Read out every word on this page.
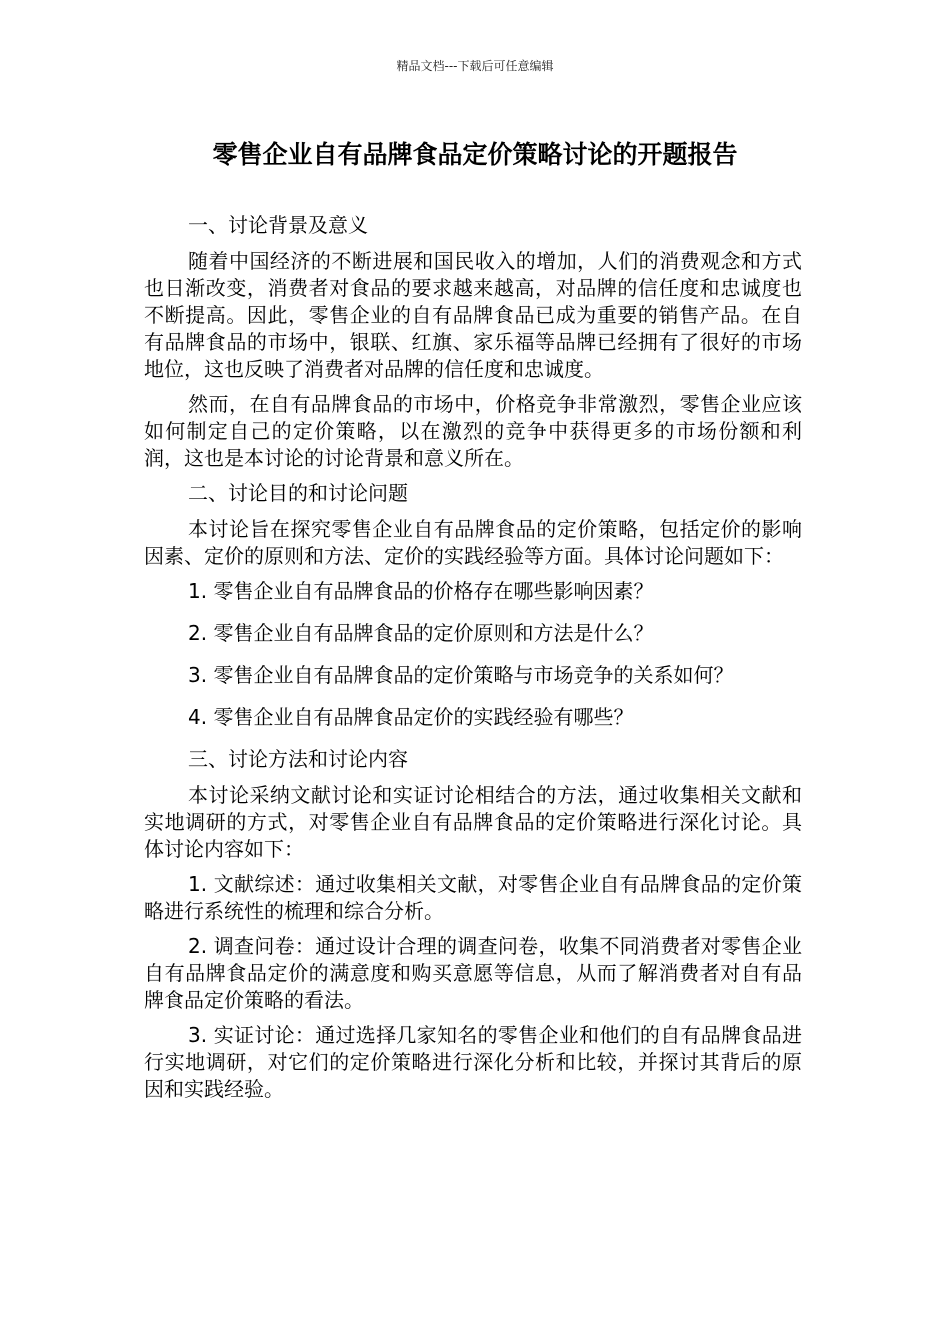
精品文档---下载后可任意编辑
零售企业自有品牌食品定价策略讨论的开题报告
一、讨论背景及意义
随着中国经济的不断进展和国民收入的增加，人们的消费观念和方式也日渐改变，消费者对食品的要求越来越高，对品牌的信任度和忠诚度也不断提高。因此，零售企业的自有品牌食品已成为重要的销售产品。在自有品牌食品的市场中，银联、红旗、家乐福等品牌已经拥有了很好的市场地位，这也反映了消费者对品牌的信任度和忠诚度。
然而，在自有品牌食品的市场中，价格竞争非常激烈，零售企业应该如何制定自己的定价策略，以在激烈的竞争中获得更多的市场份额和利润，这也是本讨论的讨论背景和意义所在。
二、讨论目的和讨论问题
本讨论旨在探究零售企业自有品牌食品的定价策略，包括定价的影响因素、定价的原则和方法、定价的实践经验等方面。具体讨论问题如下：
1. 零售企业自有品牌食品的价格存在哪些影响因素？
2. 零售企业自有品牌食品的定价原则和方法是什么？
3. 零售企业自有品牌食品的定价策略与市场竞争的关系如何？
4. 零售企业自有品牌食品定价的实践经验有哪些？
三、讨论方法和讨论内容
本讨论采纳文献讨论和实证讨论相结合的方法，通过收集相关文献和实地调研的方式，对零售企业自有品牌食品的定价策略进行深化讨论。具体讨论内容如下：
1. 文献综述：通过收集相关文献，对零售企业自有品牌食品的定价策略进行系统性的梳理和综合分析。
2. 调查问卷：通过设计合理的调查问卷，收集不同消费者对零售企业自有品牌食品定价的满意度和购买意愿等信息，从而了解消费者对自有品牌食品定价策略的看法。
3. 实证讨论：通过选择几家知名的零售企业和他们的自有品牌食品进行实地调研，对它们的定价策略进行深化分析和比较，并探讨其背后的原因和实践经验。
